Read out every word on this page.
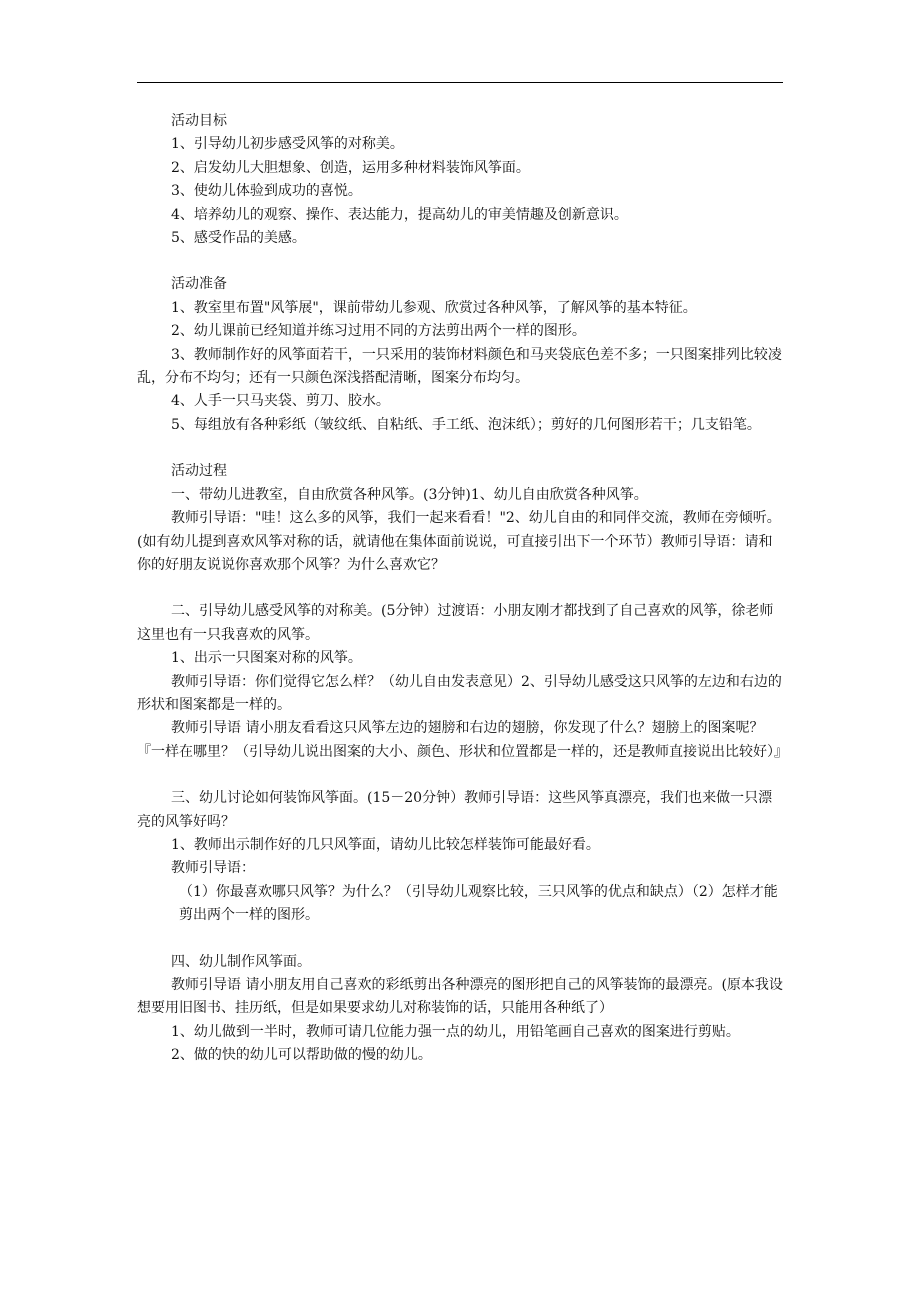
活动目标

1、引导幼儿初步感受风筝的对称美。

2、启发幼儿大胆想象、创造，运用多种材料装饰风筝面。

3、使幼儿体验到成功的喜悦。

4、培养幼儿的观察、操作、表达能力，提高幼儿的审美情趣及创新意识。

5、感受作品的美感。

活动准备

1、教室里布置"风筝展"，课前带幼儿参观、欣赏过各种风筝，了解风筝的基本特征。

2、幼儿课前已经知道并练习过用不同的方法剪出两个一样的图形。

3、教师制作好的风筝面若干，一只采用的装饰材料颜色和马夹袋底色差不多；一只图案排列比较凌乱，分布不均匀；还有一只颜色深浅搭配清晰，图案分布均匀。

4、人手一只马夹袋、剪刀、胶水。

5、每组放有各种彩纸（皱纹纸、自粘纸、手工纸、泡沫纸）；剪好的几何图形若干；几支铅笔。

活动过程

一、带幼儿进教室，自由欣赏各种风筝。(3分钟)1、幼儿自由欣赏各种风筝。

教师引导语："哇！这么多的风筝，我们一起来看看！"2、幼儿自由的和同伴交流，教师在旁倾听。(如有幼儿提到喜欢风筝对称的话，就请他在集体面前说说，可直接引出下一个环节）教师引导语：请和你的好朋友说说你喜欢那个风筝？为什么喜欢它？

二、引导幼儿感受风筝的对称美。(5分钟）过渡语：小朋友刚才都找到了自己喜欢的风筝，徐老师这里也有一只我喜欢的风筝。

1、出示一只图案对称的风筝。

教师引导语：你们觉得它怎么样？（幼儿自由发表意见）2、引导幼儿感受这只风筝的左边和右边的形状和图案都是一样的。

教师引导语 请小朋友看看这只风筝左边的翅膀和右边的翅膀，你发现了什么？翅膀上的图案呢？『一样在哪里？（引导幼儿说出图案的大小、颜色、形状和位置都是一样的，还是教师直接说出比较好）』

三、幼儿讨论如何装饰风筝面。(15－20分钟）教师引导语：这些风筝真漂亮，我们也来做一只漂亮的风筝好吗？

1、教师出示制作好的几只风筝面，请幼儿比较怎样装饰可能最好看。

教师引导语：

（1）你最喜欢哪只风筝？为什么？（引导幼儿观察比较，三只风筝的优点和缺点）（2）怎样才能剪出两个一样的图形。

四、幼儿制作风筝面。

教师引导语 请小朋友用自己喜欢的彩纸剪出各种漂亮的图形把自己的风筝装饰的最漂亮。(原本我设想要用旧图书、挂历纸，但是如果要求幼儿对称装饰的话，只能用各种纸了）

1、幼儿做到一半时，教师可请几位能力强一点的幼儿，用铅笔画自己喜欢的图案进行剪贴。

2、做的快的幼儿可以帮助做的慢的幼儿。
